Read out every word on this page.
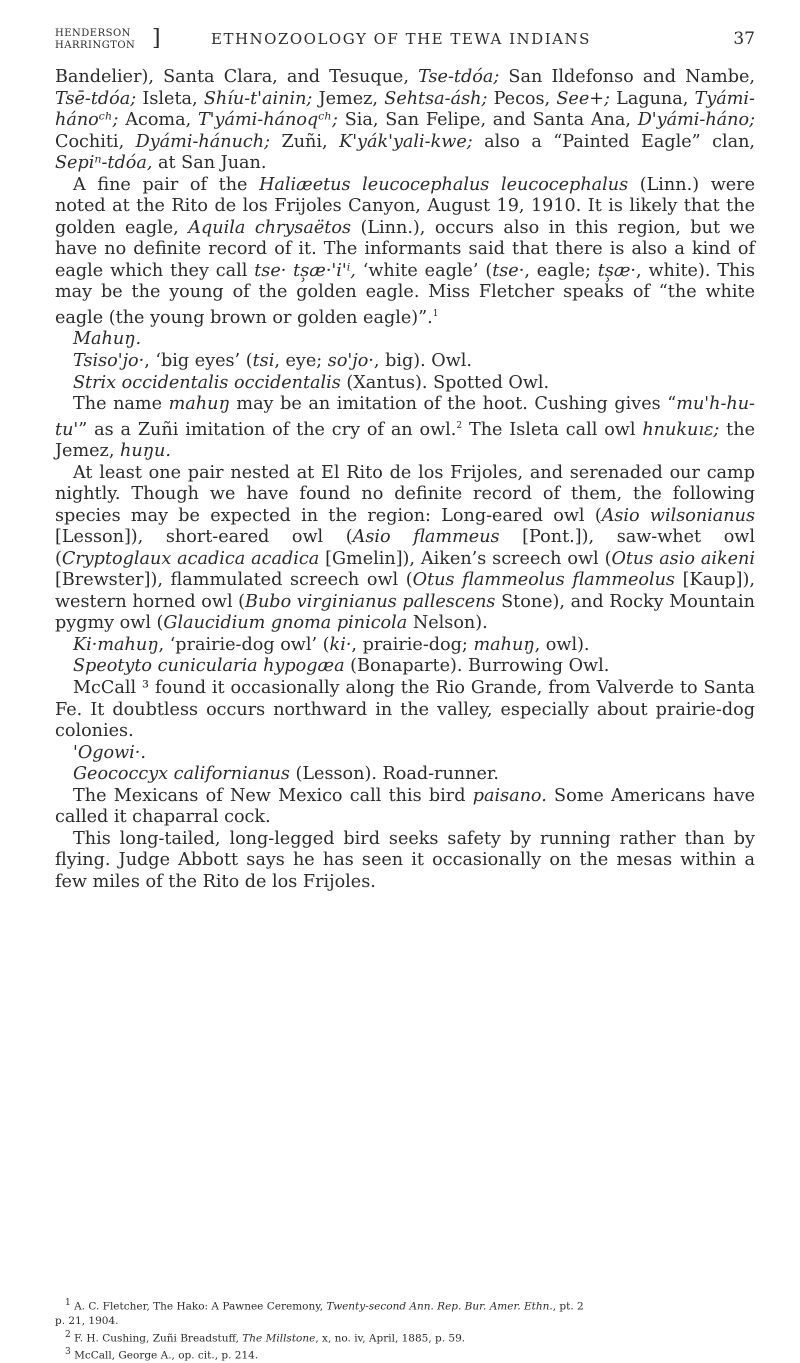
HENDERSON
HARRINGTON ]	ETHNOZOOLOGY OF THE TEWA INDIANS	37

Bandelier), Santa Clara, and Tesuque, Tse-tdóa; San Ildefonso and Nambe, Tsē-tdóa; Isleta, Shíu-t'ainin; Jemez, Sehtsa-ásh; Pecos, See+; Laguna, Tyámi-hánoᶜʰ; Acoma, T'yámi-hánoqᶜʰ; Sia, San Felipe, and Santa Ana, D'yámi-háno; Cochiti, Dyámi-hánuch; Zuñi, K'yák'yali-kwe; also a “Painted Eagle” clan, Sepiⁿ-tdóa, at San Juan.

A fine pair of the Haliæetus leucocephalus leucocephalus (Linn.) were noted at the Rito de los Frijoles Canyon, August 19, 1910. It is likely that the golden eagle, Aquila chrysaëtos (Linn.), occurs also in this region, but we have no definite record of it. The informants said that there is also a kind of eagle which they call tse· ts̹æ·'i'ⁱ, ‘white eagle’ (tse·, eagle; ts̹æ·, white). This may be the young of the golden eagle. Miss Fletcher speaks of “the white eagle (the young brown or golden eagle)”.$^1$

Mahuŋ.

Tsiso'jo·, ‘big eyes’ (tsi, eye; so'jo·, big). Owl.

Strix occidentalis occidentalis (Xantus). Spotted Owl.

The name mahuŋ may be an imitation of the hoot. Cushing gives “mu'h-hu-tu'” as a Zuñi imitation of the cry of an owl.$^2$ The Isleta call owl hnukuıɛ; the Jemez, huŋu.

At least one pair nested at El Rito de los Frijoles, and serenaded our camp nightly. Though we have found no definite record of them, the following species may be expected in the region: Long-eared owl (Asio wilsonianus [Lesson]), short-eared owl (Asio flammeus [Pont.]), saw-whet owl (Cryptoglaux acadica acadica [Gmelin]), Aiken’s screech owl (Otus asio aikeni [Brewster]), flammulated screech owl (Otus flammeolus flammeolus [Kaup]), western horned owl (Bubo virginianus pallescens Stone), and Rocky Mountain pygmy owl (Glaucidium gnoma pinicola Nelson).

Ki·mahuŋ, ‘prairie-dog owl’ (ki·, prairie-dog; mahuŋ, owl).

Speotyto cunicularia hypogæa (Bonaparte). Burrowing Owl.

McCall ³ found it occasionally along the Rio Grande, from Valverde to Santa Fe. It doubtless occurs northward in the valley, especially about prairie-dog colonies.

'Ogowi·.

Geococcyx californianus (Lesson). Road-runner.

The Mexicans of New Mexico call this bird paisano. Some Americans have called it chaparral cock.

This long-tailed, long-legged bird seeks safety by running rather than by flying. Judge Abbott says he has seen it occasionally on the mesas within a few miles of the Rito de los Frijoles.

$^1$ A. C. Fletcher, The Hako: A Pawnee Ceremony, Twenty-second Ann. Rep. Bur. Amer. Ethn., pt. 2

p. 21, 1904.

$^2$ F. H. Cushing, Zuñi Breadstuff, The Millstone, x, no. iv, April, 1885, p. 59.

$^3$ McCall, George A., op. cit., p. 214.
